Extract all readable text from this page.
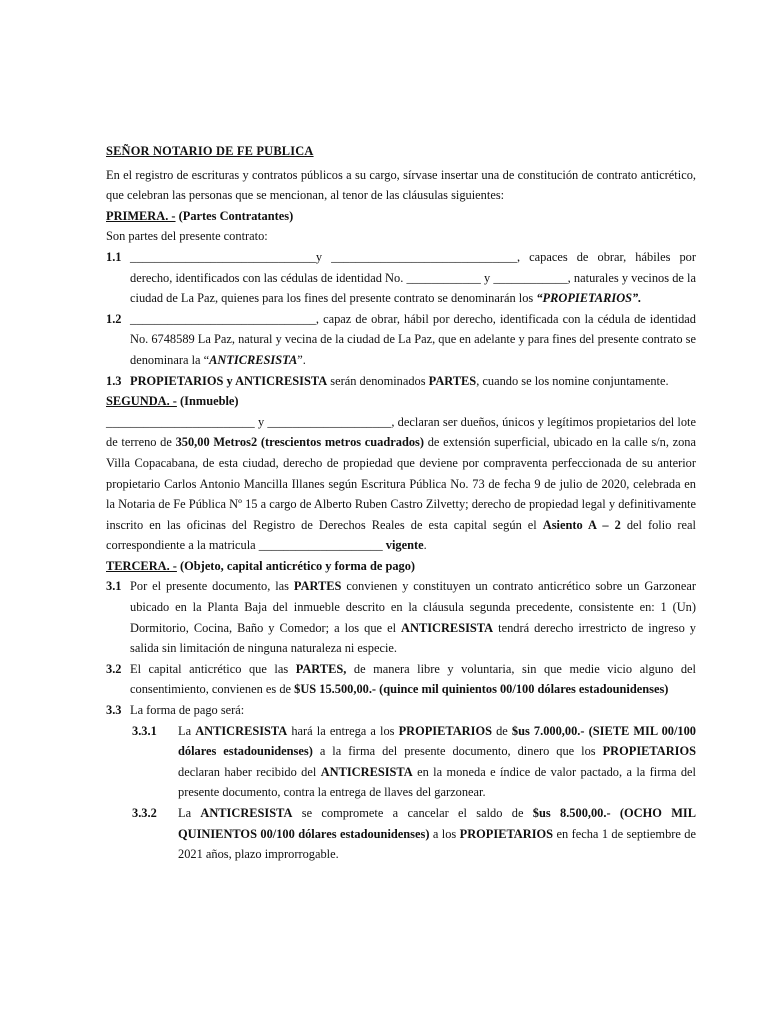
SEÑOR NOTARIO DE FE PUBLICA

En el registro de escrituras y contratos públicos a su cargo, sírvase insertar una de constitución de contrato anticrético, que celebran las personas que se mencionan, al tenor de las cláusulas siguientes:

PRIMERA. - (Partes Contratantes)

Son partes del presente contrato:

1.1 ______________________________y ______________________________, capaces de obrar, hábiles por derecho, identificados con las cédulas de identidad No. ____________ y ____________, naturales y vecinos de la ciudad de La Paz, quienes para los fines del presente contrato se denominarán los “PROPIETARIOS”.
1.2 ______________________________, capaz de obrar, hábil por derecho, identificada con la cédula de identidad No. 6748589 La Paz, natural y vecina de la ciudad de La Paz, que en adelante y para fines del presente contrato se denominara la “ANTICRESISTA”.
1.3 PROPIETARIOS y ANTICRESISTA serán denominados PARTES, cuando se los nomine conjuntamente.

SEGUNDA. - (Inmueble)

________________________ y ____________________, declaran ser dueños, únicos y legítimos propietarios del lote de terreno de 350,00 Metros2 (trescientos metros cuadrados) de extensión superficial, ubicado en la calle s/n, zona Villa Copacabana, de esta ciudad, derecho de propiedad que deviene por compraventa perfeccionada de su anterior propietario Carlos Antonio Mancilla Illanes según Escritura Pública No. 73 de fecha 9 de julio de 2020, celebrada en la Notaria de Fe Pública Nº 15 a cargo de Alberto Ruben Castro Zilvetty; derecho de propiedad legal y definitivamente inscrito en las oficinas del Registro de Derechos Reales de esta capital según el Asiento A – 2 del folio real correspondiente a la matricula ____________________ vigente.

TERCERA. - (Objeto, capital anticrético y forma de pago)

3.1 Por el presente documento, las PARTES convienen y constituyen un contrato anticrético sobre un Garzonear ubicado en la Planta Baja del inmueble descrito en la cláusula segunda precedente, consistente en: 1 (Un) Dormitorio, Cocina, Baño y Comedor; a los que el ANTICRESISTA tendrá derecho irrestricto de ingreso y salida sin limitación de ninguna naturaleza ni especie.
3.2 El capital anticrético que las PARTES, de manera libre y voluntaria, sin que medie vicio alguno del consentimiento, convienen es de $US 15.500,00.- (quince mil quinientos 00/100 dólares estadounidenses)
3.3 La forma de pago será:
3.3.1	La ANTICRESISTA hará la entrega a los PROPIETARIOS de $us 7.000,00.- (SIETE MIL 00/100 dólares estadounidenses) a la firma del presente documento, dinero que los PROPIETARIOS declaran haber recibido del ANTICRESISTA en la moneda e índice de valor pactado, a la firma del presente documento, contra la entrega de llaves del garzonear.
3.3.2	La ANTICRESISTA se compromete a cancelar el saldo de $us 8.500,00.- (OCHO MIL QUINIENTOS 00/100 dólares estadounidenses) a los PROPIETARIOS en fecha 1 de septiembre de 2021 años, plazo improrrogable.
